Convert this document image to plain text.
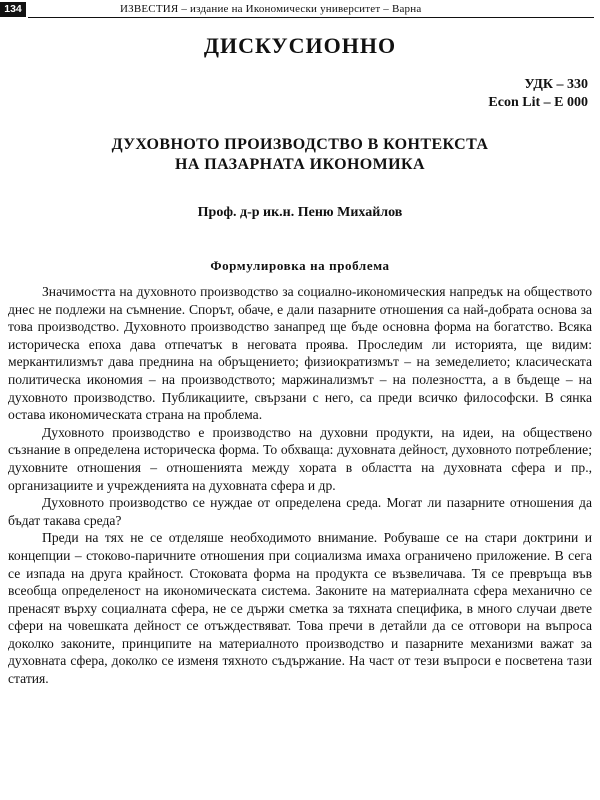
134	ИЗВЕСТИЯ – издание на Икономически университет – Варна
ДИСКУСИОННО
УДК – 330
Econ Lit – E 000
ДУХОВНОТО ПРОИЗВОДСТВО В КОНТЕКСТА
НА ПАЗАРНАТА ИКОНОМИКА
Проф. д-р ик.н. Пеню Михайлов
Формулировка на проблема

Значимостта на духовното производство за социално-икономическия напредък на обществото днес не подлежи на съмнение. Спорът, обаче, е дали пазарните отношения са най-добрата основа за това производство. Духовното производство занапред ще бъде основна форма на богатство. Всяка историческа епоха дава отпечатък в неговата проява. Проследим ли историята, ще видим: меркантилизмът дава преднина на обръщението; физиократизмът – на земеделието; класическата политическа икономия – на производството; маржинализмът – на полезността, а в бъдеще – на духовното производство. Публикациите, свързани с него, са преди всичко философски. В сянка остава икономическата страна на проблема.

Духовното производство е производство на духовни продукти, на идеи, на обществено съзнание в определена историческа форма. То обхваща: духовната дейност, духовното потребление; духовните отношения – отношенията между хората в областта на духовната сфера и пр., организациите и учрежденията на духовната сфера и др.

Духовното производство се нуждае от определена среда. Могат ли пазарните отношения да бъдат такава среда?

Преди на тях не се отделяше необходимото внимание. Робуваше се на стари доктрини и концепции – стоково-паричните отношения при социализма имаха ограничено приложение. В сега се изпада на друга крайност. Стоковата форма на продукта се възвеличава. Тя се превръща във всеобща определеност на икономическата система. Законите на материалната сфера механично се пренасят върху социалната сфера, не се държи сметка за тяхната специфика, в много случаи двете сфери на човешката дейност се отъждествяват. Това пречи в детайли да се отговори на въпроса доколко законите, принципите на материалното производство и пазарните механизми важат за духовната сфера, доколко се изменя тяхното съдържание. На част от тези въпроси е посветена тази статия.
